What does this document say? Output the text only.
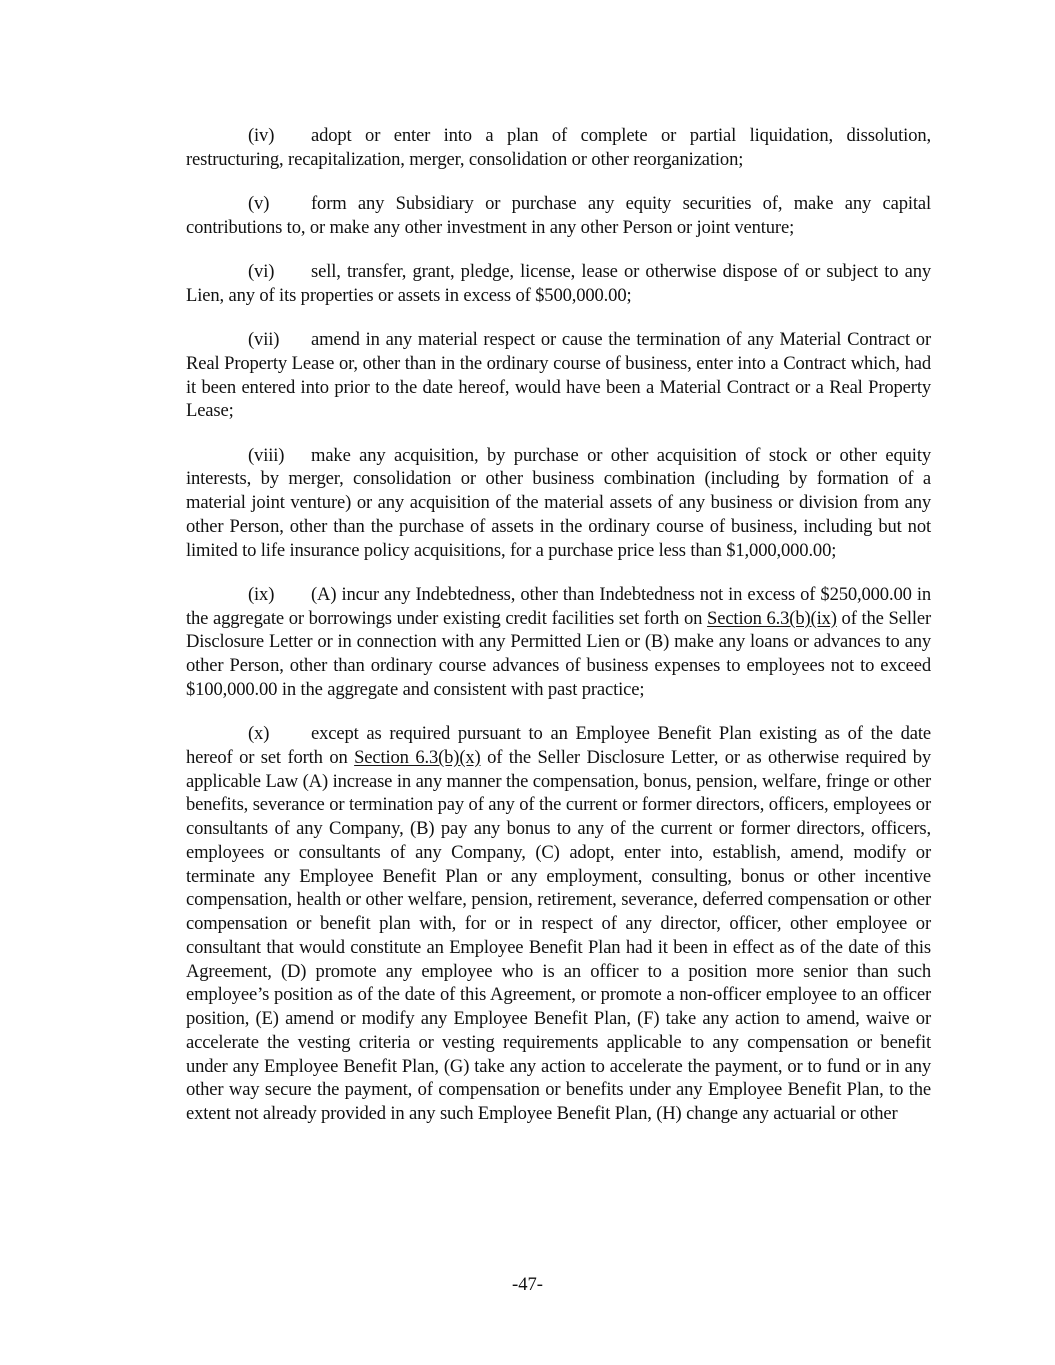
(iv) adopt or enter into a plan of complete or partial liquidation, dissolution, restructuring, recapitalization, merger, consolidation or other reorganization;

(v) form any Subsidiary or purchase any equity securities of, make any capital contributions to, or make any other investment in any other Person or joint venture;

(vi) sell, transfer, grant, pledge, license, lease or otherwise dispose of or subject to any Lien, any of its properties or assets in excess of $500,000.00;

(vii) amend in any material respect or cause the termination of any Material Contract or Real Property Lease or, other than in the ordinary course of business, enter into a Contract which, had it been entered into prior to the date hereof, would have been a Material Contract or a Real Property Lease;

(viii) make any acquisition, by purchase or other acquisition of stock or other equity interests, by merger, consolidation or other business combination (including by formation of a material joint venture) or any acquisition of the material assets of any business or division from any other Person, other than the purchase of assets in the ordinary course of business, including but not limited to life insurance policy acquisitions, for a purchase price less than $1,000,000.00;

(ix) (A) incur any Indebtedness, other than Indebtedness not in excess of $250,000.00 in the aggregate or borrowings under existing credit facilities set forth on Section 6.3(b)(ix) of the Seller Disclosure Letter or in connection with any Permitted Lien or (B) make any loans or advances to any other Person, other than ordinary course advances of business expenses to employees not to exceed $100,000.00 in the aggregate and consistent with past practice;

(x) except as required pursuant to an Employee Benefit Plan existing as of the date hereof or set forth on Section 6.3(b)(x) of the Seller Disclosure Letter, or as otherwise required by applicable Law (A) increase in any manner the compensation, bonus, pension, welfare, fringe or other benefits, severance or termination pay of any of the current or former directors, officers, employees or consultants of any Company, (B) pay any bonus to any of the current or former directors, officers, employees or consultants of any Company, (C) adopt, enter into, establish, amend, modify or terminate any Employee Benefit Plan or any employment, consulting, bonus or other incentive compensation, health or other welfare, pension, retirement, severance, deferred compensation or other compensation or benefit plan with, for or in respect of any director, officer, other employee or consultant that would constitute an Employee Benefit Plan had it been in effect as of the date of this Agreement, (D) promote any employee who is an officer to a position more senior than such employee’s position as of the date of this Agreement, or promote a non-officer employee to an officer position, (E) amend or modify any Employee Benefit Plan, (F) take any action to amend, waive or accelerate the vesting criteria or vesting requirements applicable to any compensation or benefit under any Employee Benefit Plan, (G) take any action to accelerate the payment, or to fund or in any other way secure the payment, of compensation or benefits under any Employee Benefit Plan, to the extent not already provided in any such Employee Benefit Plan, (H) change any actuarial or other

-47-
